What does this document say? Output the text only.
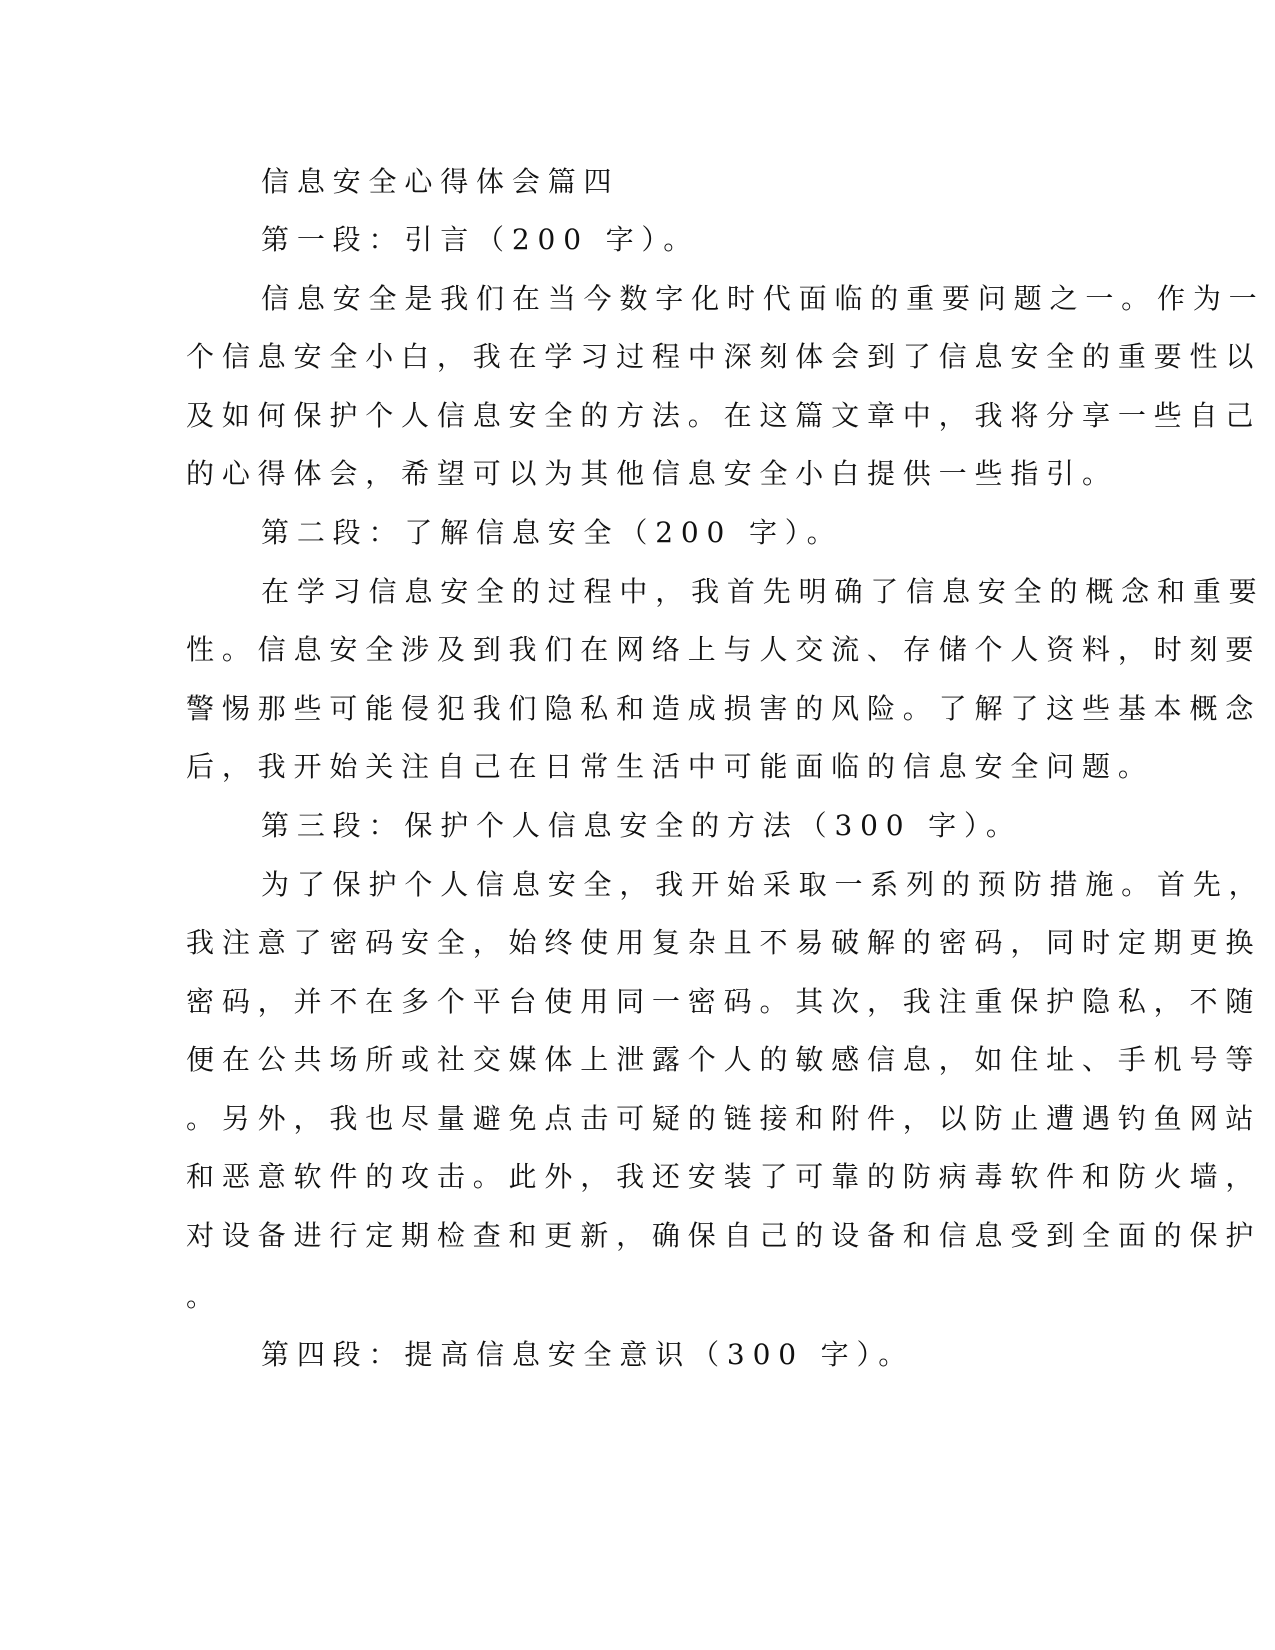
信息安全心得体会篇四

第一段：引言（200 字）。

信息安全是我们在当今数字化时代面临的重要问题之一。作为一

个信息安全小白，我在学习过程中深刻体会到了信息安全的重要性以

及如何保护个人信息安全的方法。在这篇文章中，我将分享一些自己

的心得体会，希望可以为其他信息安全小白提供一些指引。

第二段：了解信息安全（200 字）。

在学习信息安全的过程中，我首先明确了信息安全的概念和重要

性。信息安全涉及到我们在网络上与人交流、存储个人资料，时刻要

警惕那些可能侵犯我们隐私和造成损害的风险。了解了这些基本概念

后，我开始关注自己在日常生活中可能面临的信息安全问题。

第三段：保护个人信息安全的方法（300 字）。

为了保护个人信息安全，我开始采取一系列的预防措施。首先，

我注意了密码安全，始终使用复杂且不易破解的密码，同时定期更换

密码，并不在多个平台使用同一密码。其次，我注重保护隐私，不随

便在公共场所或社交媒体上泄露个人的敏感信息，如住址、手机号等

。另外，我也尽量避免点击可疑的链接和附件，以防止遭遇钓鱼网站

和恶意软件的攻击。此外，我还安装了可靠的防病毒软件和防火墙，

对设备进行定期检查和更新，确保自己的设备和信息受到全面的保护

。

第四段：提高信息安全意识（300 字）。
